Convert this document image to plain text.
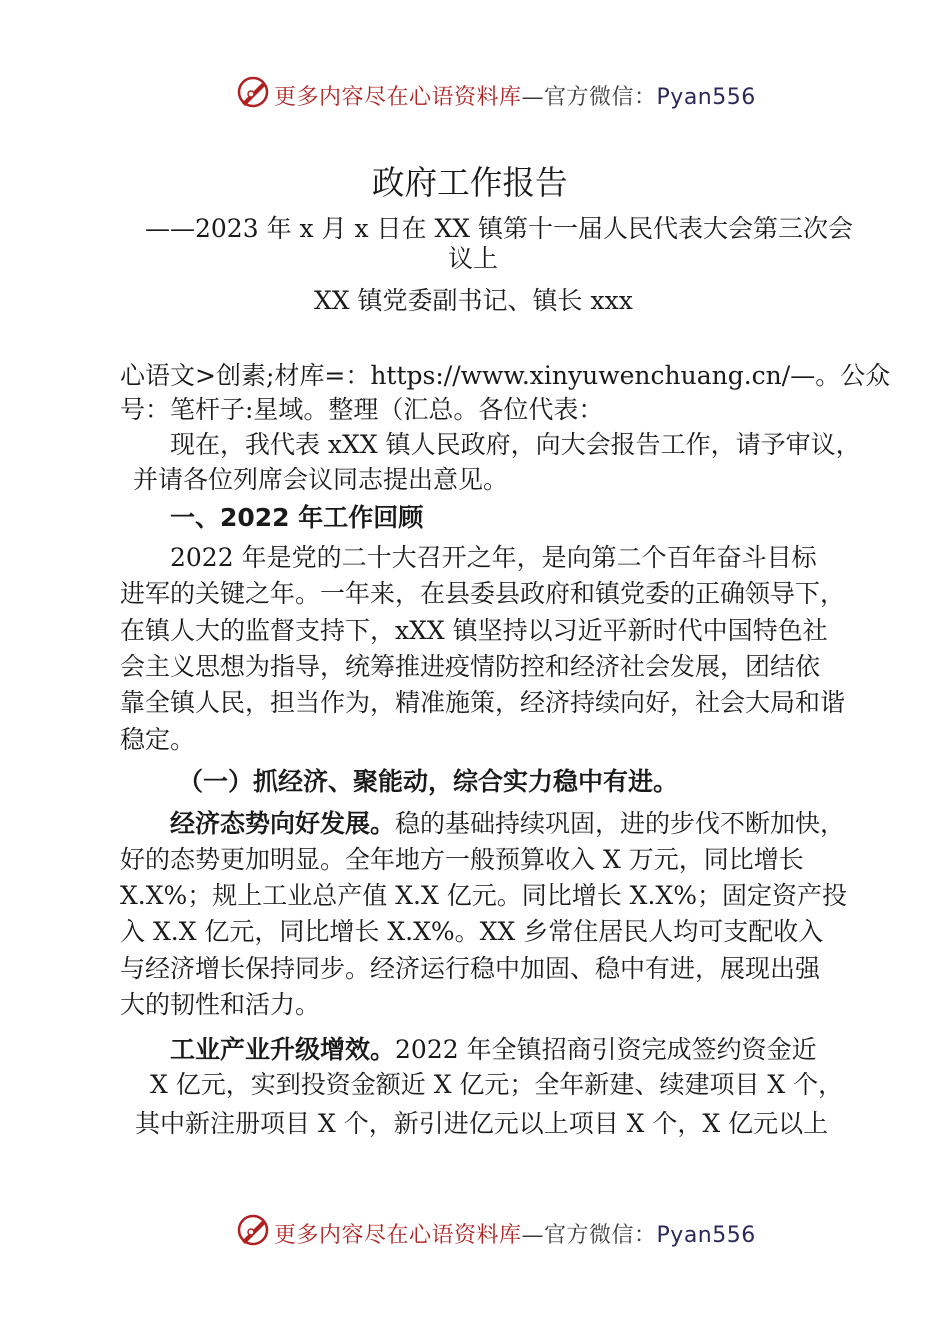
更多内容尽在心语资料库—官方微信：Pyan556
政府工作报告
——2023 年 x 月 x 日在 XX 镇第十一届人民代表大会第三次会
议上
XX 镇党委副书记、镇长 xxx
心语文>创素;材库=：https://www.xinyuwenchuang.cn/—。公众
号：笔杆子:星域。整理（汇总。各位代表：
现在，我代表 xXX 镇人民政府，向大会报告工作，请予审议，
并请各位列席会议同志提出意见。
一、2022 年工作回顾
2022 年是党的二十大召开之年，是向第二个百年奋斗目标
进军的关键之年。一年来，在县委县政府和镇党委的正确领导下，
在镇人大的监督支持下，xXX 镇坚持以习近平新时代中国特色社
会主义思想为指导，统筹推进疫情防控和经济社会发展，团结依
靠全镇人民，担当作为，精准施策，经济持续向好，社会大局和谐
稳定。
（一）抓经济、聚能动，综合实力稳中有进。
经济态势向好发展。稳的基础持续巩固，进的步伐不断加快，
好的态势更加明显。全年地方一般预算收入 X 万元，同比增长
X.X%；规上工业总产值 X.X 亿元。同比增长 X.X%；固定资产投
入 X.X 亿元，同比增长 X.X%。XX 乡常住居民人均可支配收入
与经济增长保持同步。经济运行稳中加固、稳中有进，展现出强
大的韧性和活力。
工业产业升级增效。2022 年全镇招商引资完成签约资金近
X 亿元，实到投资金额近 X 亿元；全年新建、续建项目 X 个，
其中新注册项目 X 个，新引进亿元以上项目 X 个，X 亿元以上
更多内容尽在心语资料库—官方微信：Pyan556
